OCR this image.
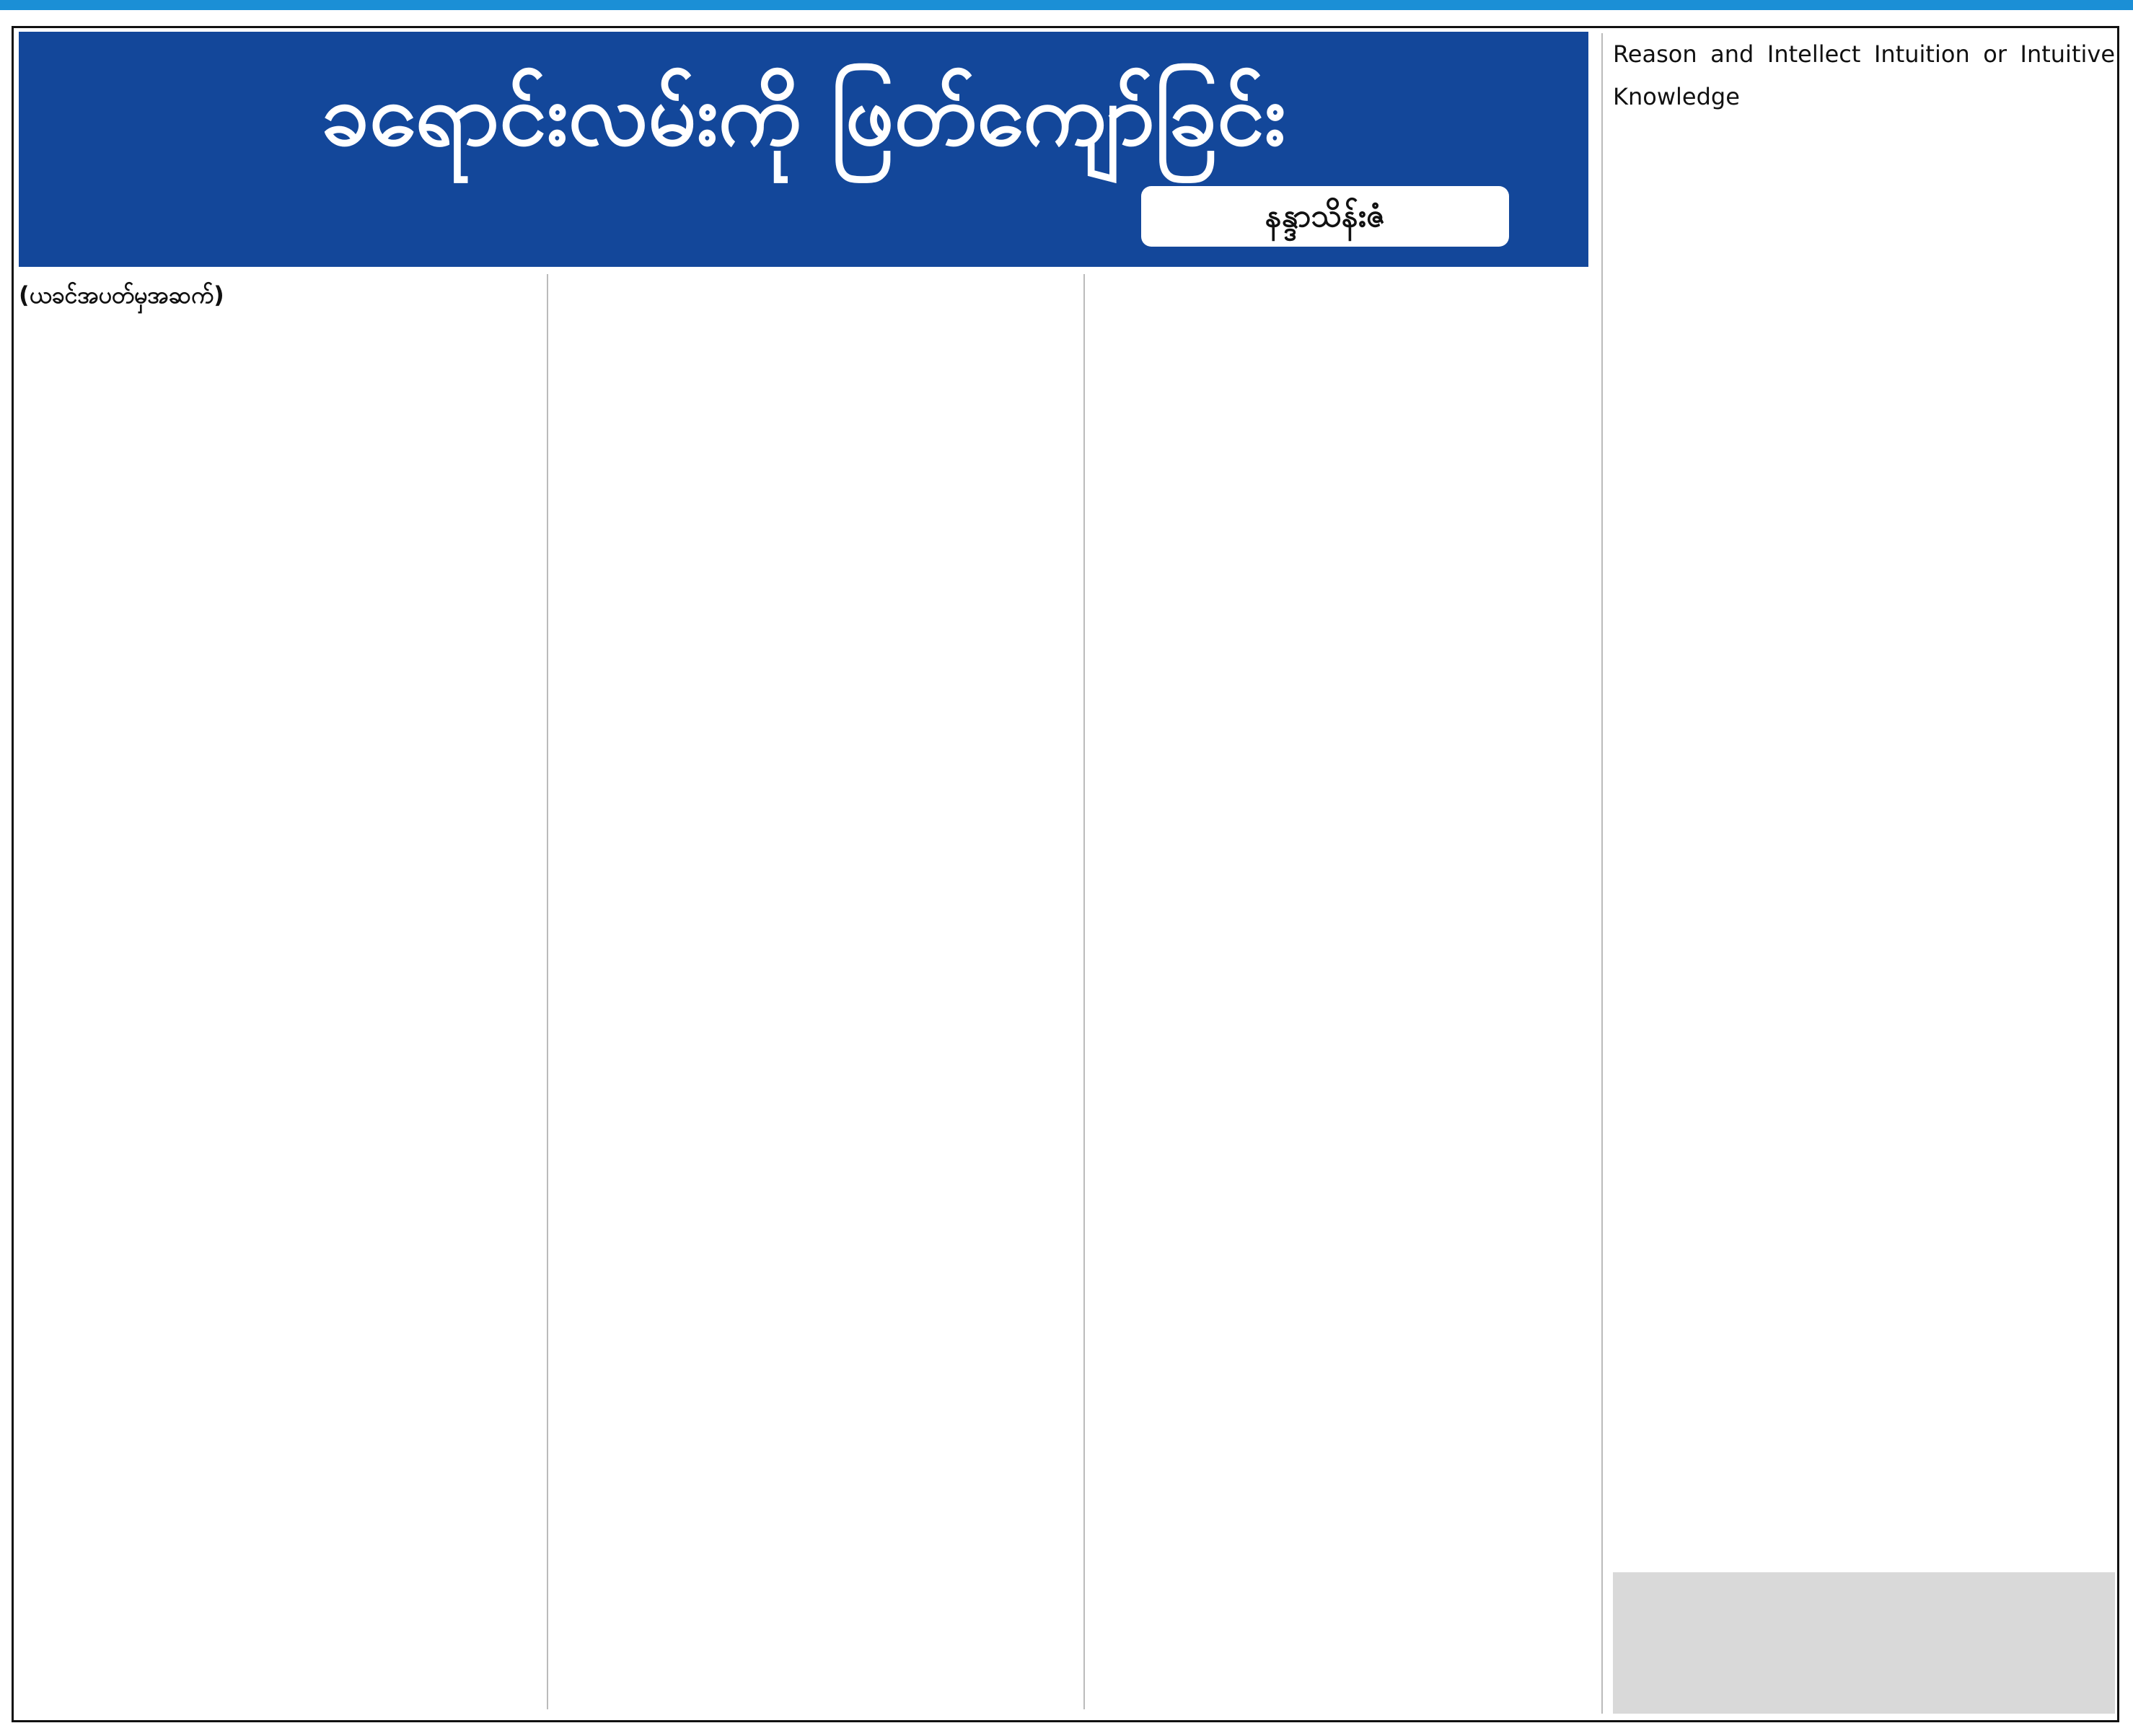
ခရောင်းလမ်းကို ဖြတ်ကျော်ခြင်း
နန္ဒာသိန်းဇံ

(ယခင်အပတ်မှအဆက်)

Reason and Intellect Intuition or Intuitive Knowledge
